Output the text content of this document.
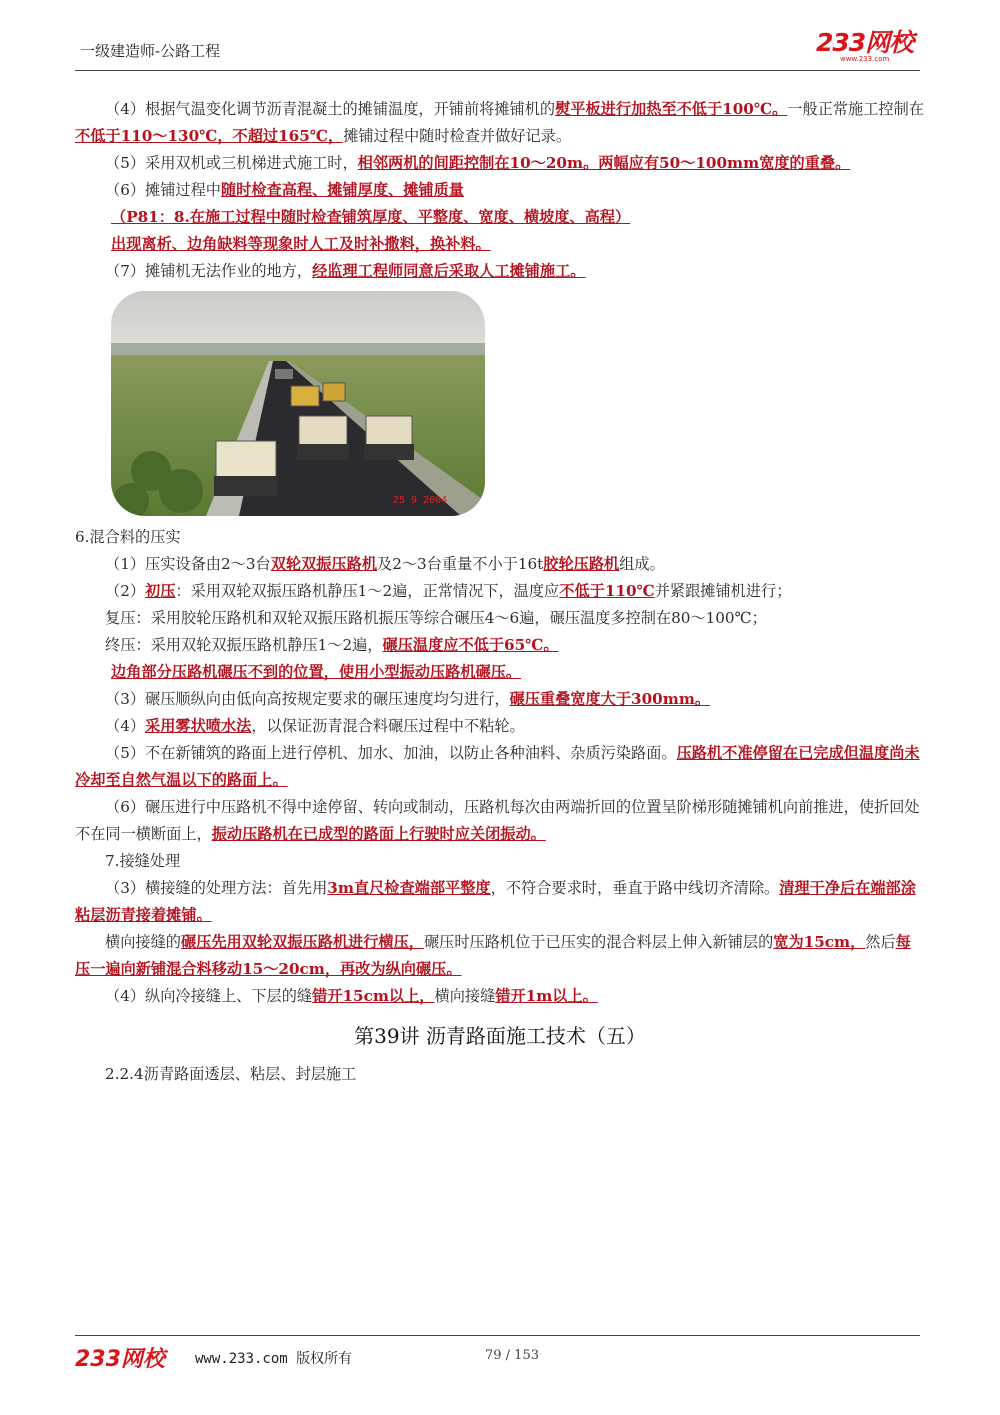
一级建造师-公路工程	233网校
www.233.com

（4）根据气温变化调节沥青混凝土的摊铺温度，开铺前将摊铺机的熨平板进行加热至不低于100℃。一般正常施工控制在不低于110～130℃，不超过165℃，摊铺过程中随时检查并做好记录。

（5）采用双机或三机梯进式施工时，相邻两机的间距控制在10～20m。两幅应有50～100mm宽度的重叠。

（6）摊铺过程中随时检查高程、摊铺厚度、摊铺质量

（P81：8.在施工过程中随时检查铺筑厚度、平整度、宽度、横坡度、高程）

出现离析、边角缺料等现象时人工及时补撒料，换补料。

（7）摊铺机无法作业的地方，经监理工程师同意后采取人工摊铺施工。

25 9 2004

6.混合料的压实

（1）压实设备由2～3台双轮双振压路机及2～3台重量不小于16t胶轮压路机组成。

（2）初压：采用双轮双振压路机静压1～2遍，正常情况下，温度应不低于110℃并紧跟摊铺机进行；

复压：采用胶轮压路机和双轮双振压路机振压等综合碾压4～6遍，碾压温度多控制在80～100℃；

终压：采用双轮双振压路机静压1～2遍，碾压温度应不低于65℃。

边角部分压路机碾压不到的位置，使用小型振动压路机碾压。

（3）碾压顺纵向由低向高按规定要求的碾压速度均匀进行，碾压重叠宽度大于300mm。

（4）采用雾状喷水法，以保证沥青混合料碾压过程中不粘轮。

（5）不在新铺筑的路面上进行停机、加水、加油，以防止各种油料、杂质污染路面。压路机不准停留在已完成但温度尚未冷却至自然气温以下的路面上。

（6）碾压进行中压路机不得中途停留、转向或制动，压路机每次由两端折回的位置呈阶梯形随摊铺机向前推进，使折回处不在同一横断面上，振动压路机在已成型的路面上行驶时应关闭振动。

7.接缝处理

（3）横接缝的处理方法：首先用3m直尺检查端部平整度，不符合要求时，垂直于路中线切齐清除。清理干净后在端部涂粘层沥青接着摊铺。

横向接缝的碾压先用双轮双振压路机进行横压，碾压时压路机位于已压实的混合料层上伸入新铺层的宽为15cm，然后每压一遍向新铺混合料移动15～20cm，再改为纵向碾压。

（4）纵向冷接缝上、下层的缝错开15cm以上，横向接缝错开1m以上。

第39讲 沥青路面施工技术（五）

2.2.4沥青路面透层、粘层、封层施工

233网校 www.233.com 版权所有	79 / 153
